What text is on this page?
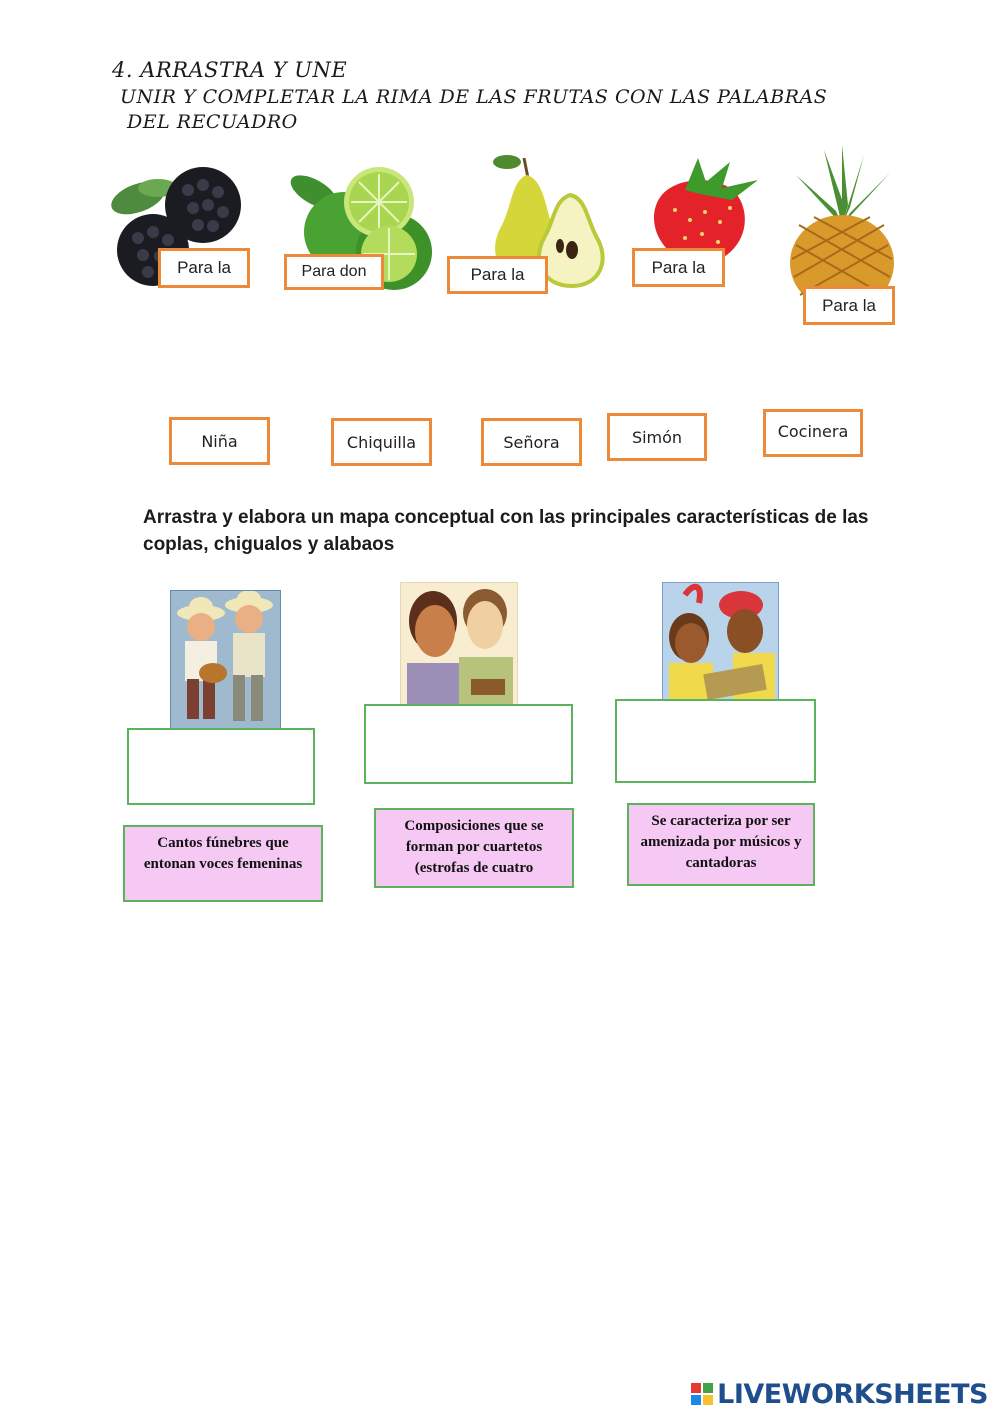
4. ARRASTRA Y UNE
UNIR Y COMPLETAR LA RIMA DE LAS FRUTAS CON LAS PALABRAS
DEL RECUADRO
Para la	Para don	Para la	Para la
Para la
Niña	Chiquilla	Señora	Simón	Cocinera
Arrastra y elabora un mapa conceptual con las principales características de las coplas, chigualos y alabaos
Cantos fúnebres que entonan voces femeninas
Composiciones que se forman por cuartetos (estrofas de cuatro
Se caracteriza por ser amenizada por músicos y cantadoras
LIVEWORKSHEETS
